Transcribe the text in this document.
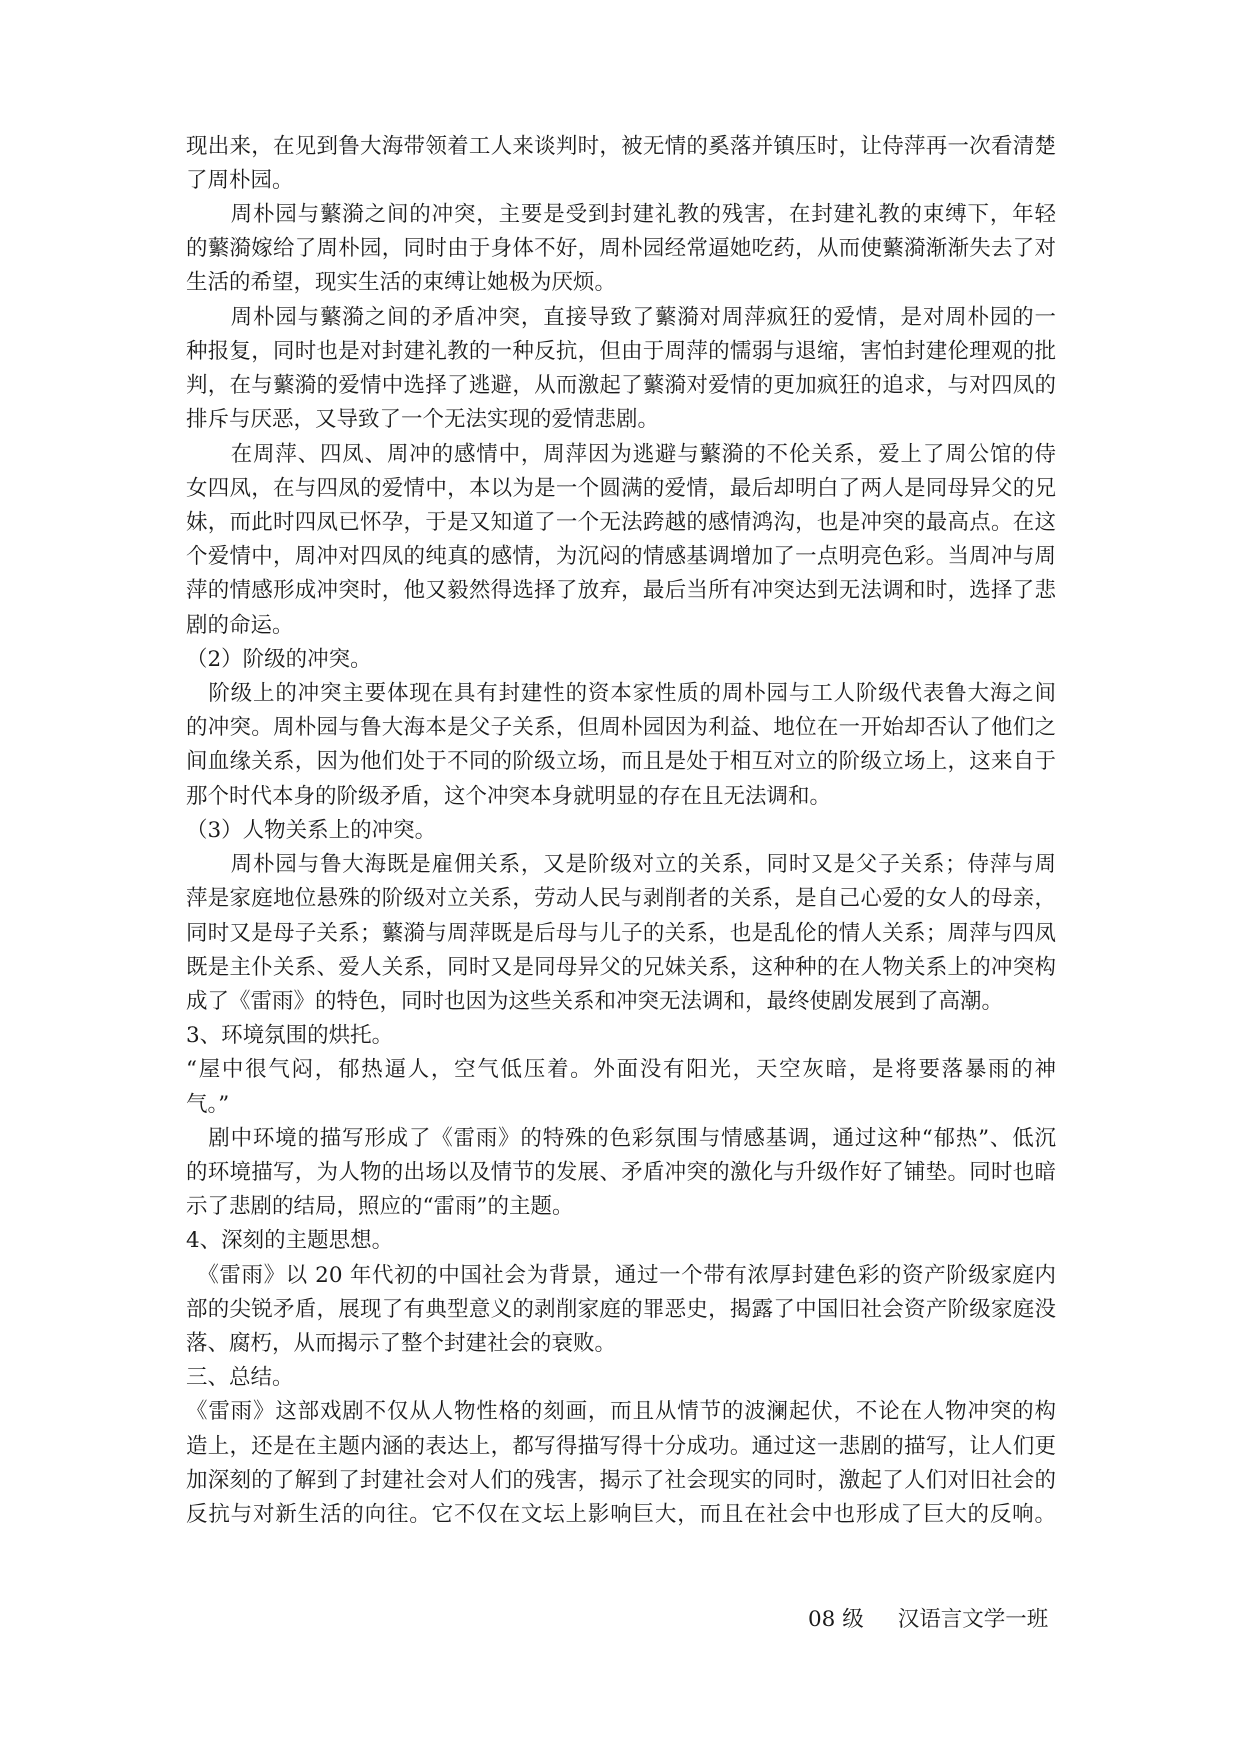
现出来，在见到鲁大海带领着工人来谈判时，被无情的奚落并镇压时，让侍萍再一次看清楚
了周朴园。
　　周朴园与蘩漪之间的冲突，主要是受到封建礼教的残害，在封建礼教的束缚下，年轻
的蘩漪嫁给了周朴园，同时由于身体不好，周朴园经常逼她吃药，从而使蘩漪渐渐失去了对
生活的希望，现实生活的束缚让她极为厌烦。
　　周朴园与蘩漪之间的矛盾冲突，直接导致了蘩漪对周萍疯狂的爱情，是对周朴园的一
种报复，同时也是对封建礼教的一种反抗，但由于周萍的懦弱与退缩，害怕封建伦理观的批
判，在与蘩漪的爱情中选择了逃避，从而激起了蘩漪对爱情的更加疯狂的追求，与对四凤的
排斥与厌恶，又导致了一个无法实现的爱情悲剧。
　　在周萍、四凤、周冲的感情中，周萍因为逃避与蘩漪的不伦关系，爱上了周公馆的侍
女四凤，在与四凤的爱情中，本以为是一个圆满的爱情，最后却明白了两人是同母异父的兄
妹，而此时四凤已怀孕，于是又知道了一个无法跨越的感情鸿沟，也是冲突的最高点。在这
个爱情中，周冲对四凤的纯真的感情，为沉闷的情感基调增加了一点明亮色彩。当周冲与周
萍的情感形成冲突时，他又毅然得选择了放弃，最后当所有冲突达到无法调和时，选择了悲
剧的命运。
（2）阶级的冲突。
　阶级上的冲突主要体现在具有封建性的资本家性质的周朴园与工人阶级代表鲁大海之间
的冲突。周朴园与鲁大海本是父子关系，但周朴园因为利益、地位在一开始却否认了他们之
间血缘关系，因为他们处于不同的阶级立场，而且是处于相互对立的阶级立场上，这来自于
那个时代本身的阶级矛盾，这个冲突本身就明显的存在且无法调和。
（3）人物关系上的冲突。
　　周朴园与鲁大海既是雇佣关系，又是阶级对立的关系，同时又是父子关系；侍萍与周
萍是家庭地位悬殊的阶级对立关系，劳动人民与剥削者的关系，是自己心爱的女人的母亲，
同时又是母子关系；蘩漪与周萍既是后母与儿子的关系，也是乱伦的情人关系；周萍与四凤
既是主仆关系、爱人关系，同时又是同母异父的兄妹关系，这种种的在人物关系上的冲突构
成了《雷雨》的特色，同时也因为这些关系和冲突无法调和，最终使剧发展到了高潮。
3、环境氛围的烘托。
“屋中很气闷，郁热逼人，空气低压着。外面没有阳光，天空灰暗，是将要落暴雨的神
气。”
　剧中环境的描写形成了《雷雨》的特殊的色彩氛围与情感基调，通过这种“郁热”、低沉
的环境描写，为人物的出场以及情节的发展、矛盾冲突的激化与升级作好了铺垫。同时也暗
示了悲剧的结局，照应的“雷雨”的主题。
4、深刻的主题思想。
　《雷雨》以 20 年代初的中国社会为背景，通过一个带有浓厚封建色彩的资产阶级家庭内
部的尖锐矛盾，展现了有典型意义的剥削家庭的罪恶史，揭露了中国旧社会资产阶级家庭没
落、腐朽，从而揭示了整个封建社会的衰败。
三、总结。
《雷雨》这部戏剧不仅从人物性格的刻画，而且从情节的波澜起伏，不论在人物冲突的构
造上，还是在主题内涵的表达上，都写得描写得十分成功。通过这一悲剧的描写，让人们更
加深刻的了解到了封建社会对人们的残害，揭示了社会现实的同时，激起了人们对旧社会的
反抗与对新生活的向往。它不仅在文坛上影响巨大，而且在社会中也形成了巨大的反响。
08 级 汉语言文学一班
